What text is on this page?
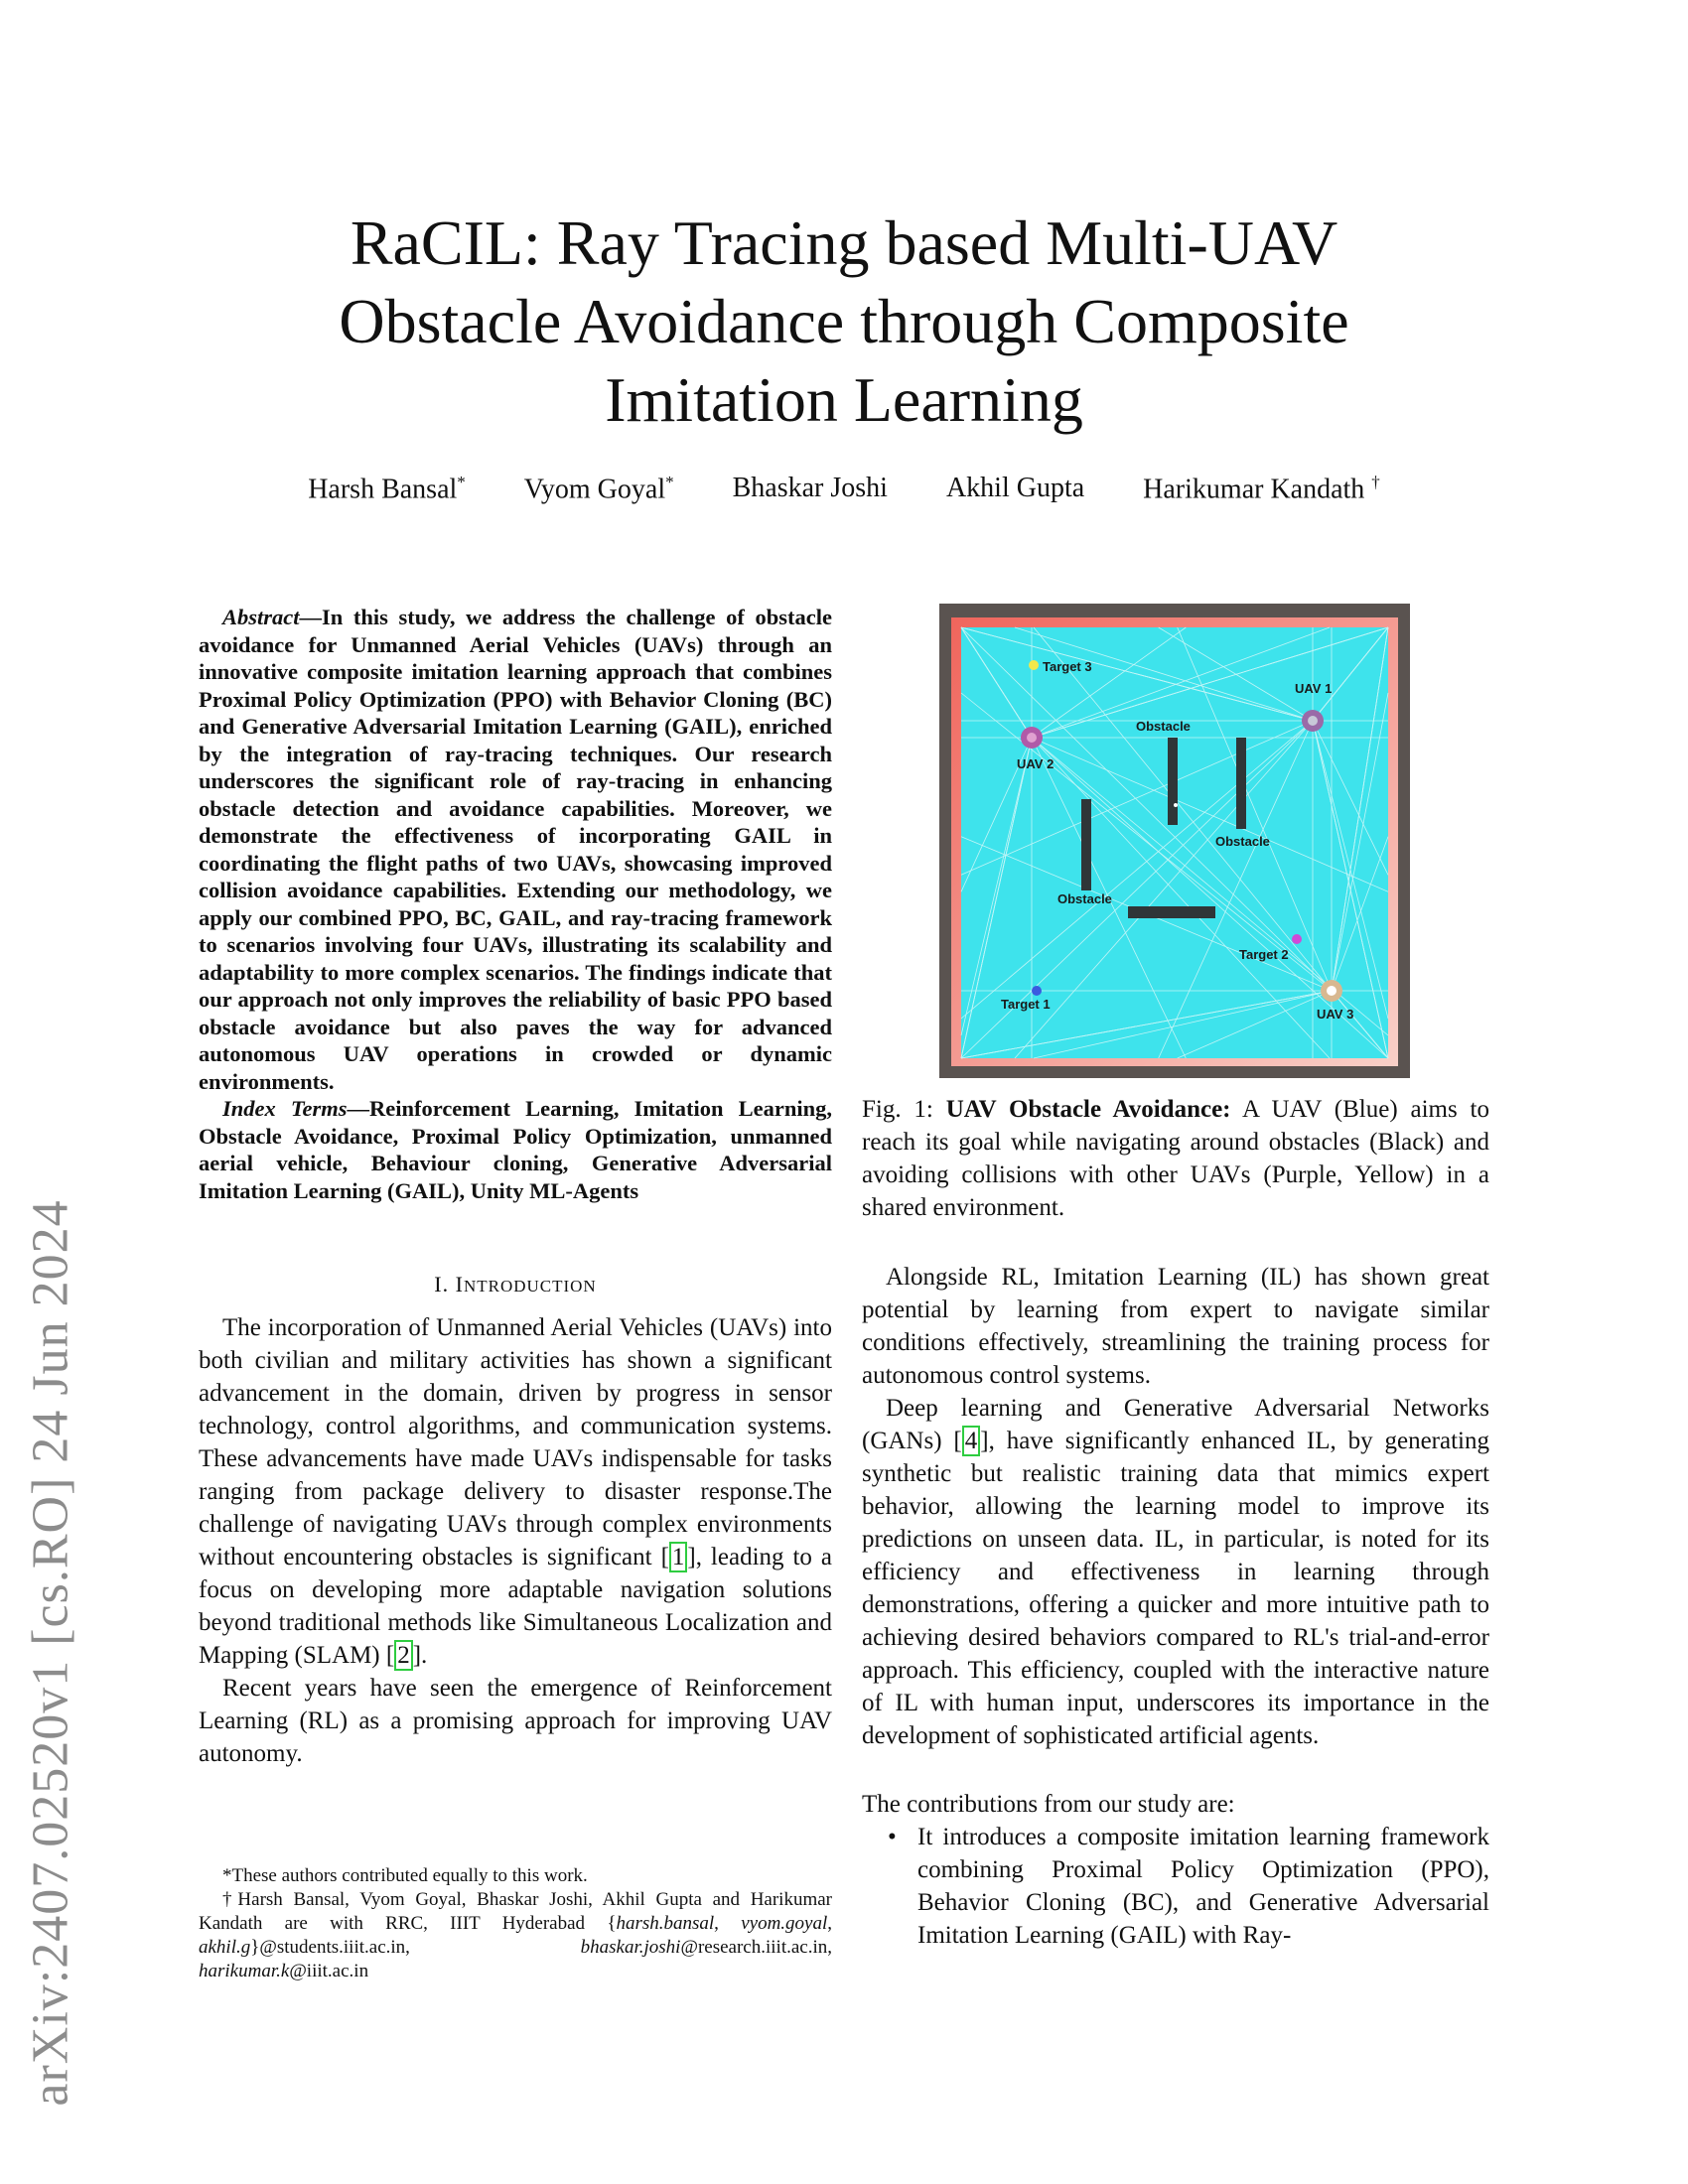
arXiv:2407.02520v1 [cs.RO] 24 Jun 2024
RaCIL: Ray Tracing based Multi-UAV
Obstacle Avoidance through Composite
Imitation Learning
Harsh Bansal* Vyom Goyal* Bhaskar Joshi Akhil Gupta Harikumar Kandath †

Abstract—In this study, we address the challenge of obstacle avoidance for Unmanned Aerial Vehicles (UAVs) through an innovative composite imitation learning approach that combines Proximal Policy Optimization (PPO) with Behavior Cloning (BC) and Generative Adversarial Imitation Learning (GAIL), enriched by the integration of ray-tracing techniques. Our research underscores the significant role of ray-tracing in enhancing obstacle detection and avoidance capabilities. Moreover, we demonstrate the effectiveness of incorporating GAIL in coordinating the flight paths of two UAVs, showcasing improved collision avoidance capabilities. Extending our methodology, we apply our combined PPO, BC, GAIL, and ray-tracing framework to scenarios involving four UAVs, illustrating its scalability and adaptability to more complex scenarios. The findings indicate that our approach not only improves the reliability of basic PPO based obstacle avoidance but also paves the way for advanced autonomous UAV operations in crowded or dynamic environments.

Index Terms—Reinforcement Learning, Imitation Learning, Obstacle Avoidance, Proximal Policy Optimization, unmanned aerial vehicle, Behaviour cloning, Generative Adversarial Imitation Learning (GAIL), Unity ML-Agents

I. INTRODUCTION

The incorporation of Unmanned Aerial Vehicles (UAVs) into both civilian and military activities has shown a significant advancement in the domain, driven by progress in sensor technology, control algorithms, and communication systems. These advancements have made UAVs indispensable for tasks ranging from package delivery to disaster response.The challenge of navigating UAVs through complex environments without encountering obstacles is significant [ 1 ], leading to a focus on developing more adaptable navigation solutions beyond traditional methods like Simultaneous Localization and Mapping (SLAM) [ 2 ].

Recent years have seen the emergence of Reinforcement Learning (RL) as a promising approach for improving UAV autonomy.

*These authors contributed equally to this work.

†Harsh Bansal, Vyom Goyal, Bhaskar Joshi, Akhil Gupta and Harikumar Kandath are with RRC, IIIT Hyderabad {harsh.bansal, vyom.goyal, akhil.g}@students.iiit.ac.in, bhaskar.joshi@research.iiit.ac.in, harikumar.k@iiit.ac.in

Target 3
UAV 1
UAV 2
Obstacle
Obstacle
Obstacle
Target 2
Target 1
UAV 3

Fig. 1: UAV Obstacle Avoidance: A UAV (Blue) aims to reach its goal while navigating around obstacles (Black) and avoiding collisions with other UAVs (Purple, Yellow) in a shared environment.

Alongside RL, Imitation Learning (IL) has shown great potential by learning from expert to navigate similar conditions effectively, streamlining the training process for autonomous control systems.

Deep learning and Generative Adversarial Networks (GANs) [ 4 ], have significantly enhanced IL, by generating synthetic but realistic training data that mimics expert behavior, allowing the learning model to improve its predictions on unseen data. IL, in particular, is noted for its efficiency and effectiveness in learning through demonstrations, offering a quicker and more intuitive path to achieving desired behaviors compared to RL's trial-and-error approach. This efficiency, coupled with the interactive nature of IL with human input, underscores its importance in the development of sophisticated artificial agents.

The contributions from our study are:

• It introduces a composite imitation learning framework combining Proximal Policy Optimization (PPO), Behavior Cloning (BC), and Generative Adversarial Imitation Learning (GAIL) with Ray-
